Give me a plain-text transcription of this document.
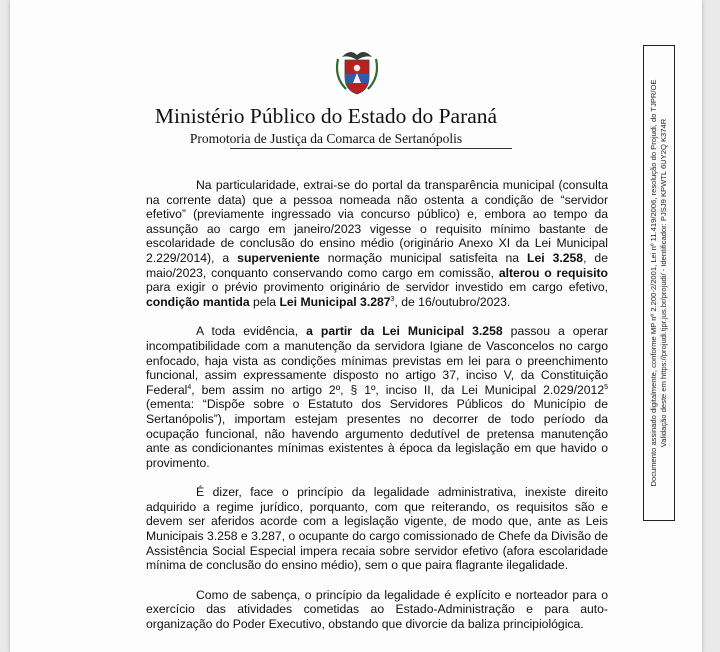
Ministério Público do Estado do Paraná
Promotoria de Justiça da Comarca de Sertanópolis

Na particularidade, extrai-se do portal da transparência municipal (consulta na corrente data) que a pessoa nomeada não ostenta a condição de “servidor efetivo” (previamente ingressado via concurso público) e, embora ao tempo da assunção ao cargo em janeiro/2023 vigesse o requisito mínimo bastante de escolaridade de conclusão do ensino médio (originário Anexo XI da Lei Municipal 2.229/2014), a superveniente normação municipal satisfeita na Lei 3.258, de maio/2023, conquanto conservando como cargo em comissão, alterou o requisito para exigir o prévio provimento originário de servidor investido em cargo efetivo, condição mantida pela Lei Municipal 3.287$^3$, de 16/outubro/2023.

A toda evidência, a partir da Lei Municipal 3.258 passou a operar incompatibilidade com a manutenção da servidora Igiane de Vasconcelos no cargo enfocado, haja vista as condições mínimas previstas em lei para o preenchimento funcional, assim expressamente disposto no artigo 37, inciso V, da Constituição Federal$^4$, bem assim no artigo 2º, § 1º, inciso II, da Lei Municipal 2.029/2012$^5$ (ementa: “Dispõe sobre o Estatuto dos Servidores Públicos do Município de Sertanópolis”), importam estejam presentes no decorrer de todo período da ocupação funcional, não havendo argumento dedutível de pretensa manutenção ante as condicionantes mínimas existentes à época da legislação em que havido o provimento.

É dizer, face o princípio da legalidade administrativa, inexiste direito adquirido a regime jurídico, porquanto, com que reiterando, os requisitos são e devem ser aferidos acorde com a legislação vigente, de modo que, ante as Leis Municipais 3.258 e 3.287, o ocupante do cargo comissionado de Chefe da Divisão de Assistência Social Especial impera recaia sobre servidor efetivo (afora escolaridade mínima de conclusão do ensino médio), sem o que paira flagrante ilegalidade.

Como de sabença, o princípio da legalidade é explícito e norteador para o exercício das atividades cometidas ao Estado-Administração e para auto-organização do Poder Executivo, obstando que divorcie da baliza principiológica.

Documento assinado digitalmente, conforme MP nº 2.200-2/2001, Lei nº 11.419/2006, resolução do Projudi, do TJPR/OE Validação deste em https://projudi.tjpr.jus.br/projudi/ - Identificador: PJSJ9 KPWTL 6UY2Q K374R
